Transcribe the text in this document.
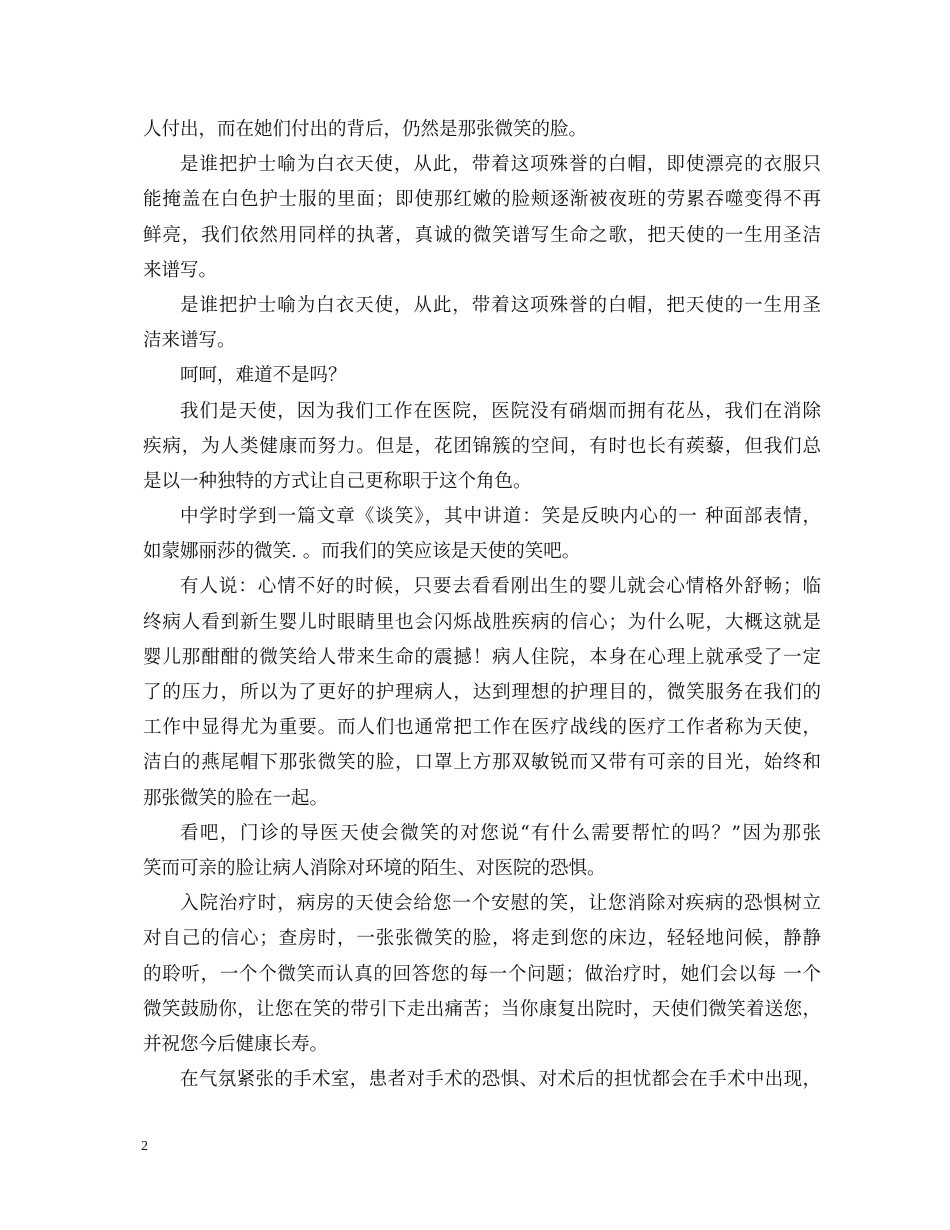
人付出，而在她们付出的背后，仍然是那张微笑的脸。
是谁把护士喻为白衣天使，从此，带着这项殊誉的白帽，即使漂亮的衣服只
能掩盖在白色护士服的里面；即使那红嫩的脸颊逐渐被夜班的劳累吞噬变得不再
鲜亮，我们依然用同样的执著，真诚的微笑谱写生命之歌，把天使的一生用圣洁
来谱写。
是谁把护士喻为白衣天使，从此，带着这项殊誉的白帽，把天使的一生用圣
洁来谱写。
呵呵，难道不是吗？
我们是天使，因为我们工作在医院，医院没有硝烟而拥有花丛，我们在消除
疾病，为人类健康而努力。但是，花团锦簇的空间，有时也长有蒺藜，但我们总
是以一种独特的方式让自己更称职于这个角色。
中学时学到一篇文章《谈笑》，其中讲道：笑是反映内心的一 种面部表情，
如蒙娜丽莎的微笑. 。而我们的笑应该是天使的笑吧。
有人说：心情不好的时候，只要去看看刚出生的婴儿就会心情格外舒畅；临
终病人看到新生婴儿时眼睛里也会闪烁战胜疾病的信心；为什么呢，大概这就是
婴儿那酣酣的微笑给人带来生命的震撼！病人住院，本身在心理上就承受了一定
了的压力，所以为了更好的护理病人，达到理想的护理目的，微笑服务在我们的
工作中显得尤为重要。而人们也通常把工作在医疗战线的医疗工作者称为天使，
洁白的燕尾帽下那张微笑的脸，口罩上方那双敏锐而又带有可亲的目光，始终和
那张微笑的脸在一起。
看吧，门诊的导医天使会微笑的对您说“有什么需要帮忙的吗？”因为那张
笑而可亲的脸让病人消除对环境的陌生、对医院的恐惧。
入院治疗时，病房的天使会给您一个安慰的笑，让您消除对疾病的恐惧树立
对自己的信心；查房时，一张张微笑的脸，将走到您的床边，轻轻地问候，静静
的聆听，一个个微笑而认真的回答您的每一个问题；做治疗时，她们会以每 一个
微笑鼓励你，让您在笑的带引下走出痛苦；当你康复出院时，天使们微笑着送您，
并祝您今后健康长寿。
在气氛紧张的手术室，患者对手术的恐惧、对术后的担忧都会在手术中出现，
2
